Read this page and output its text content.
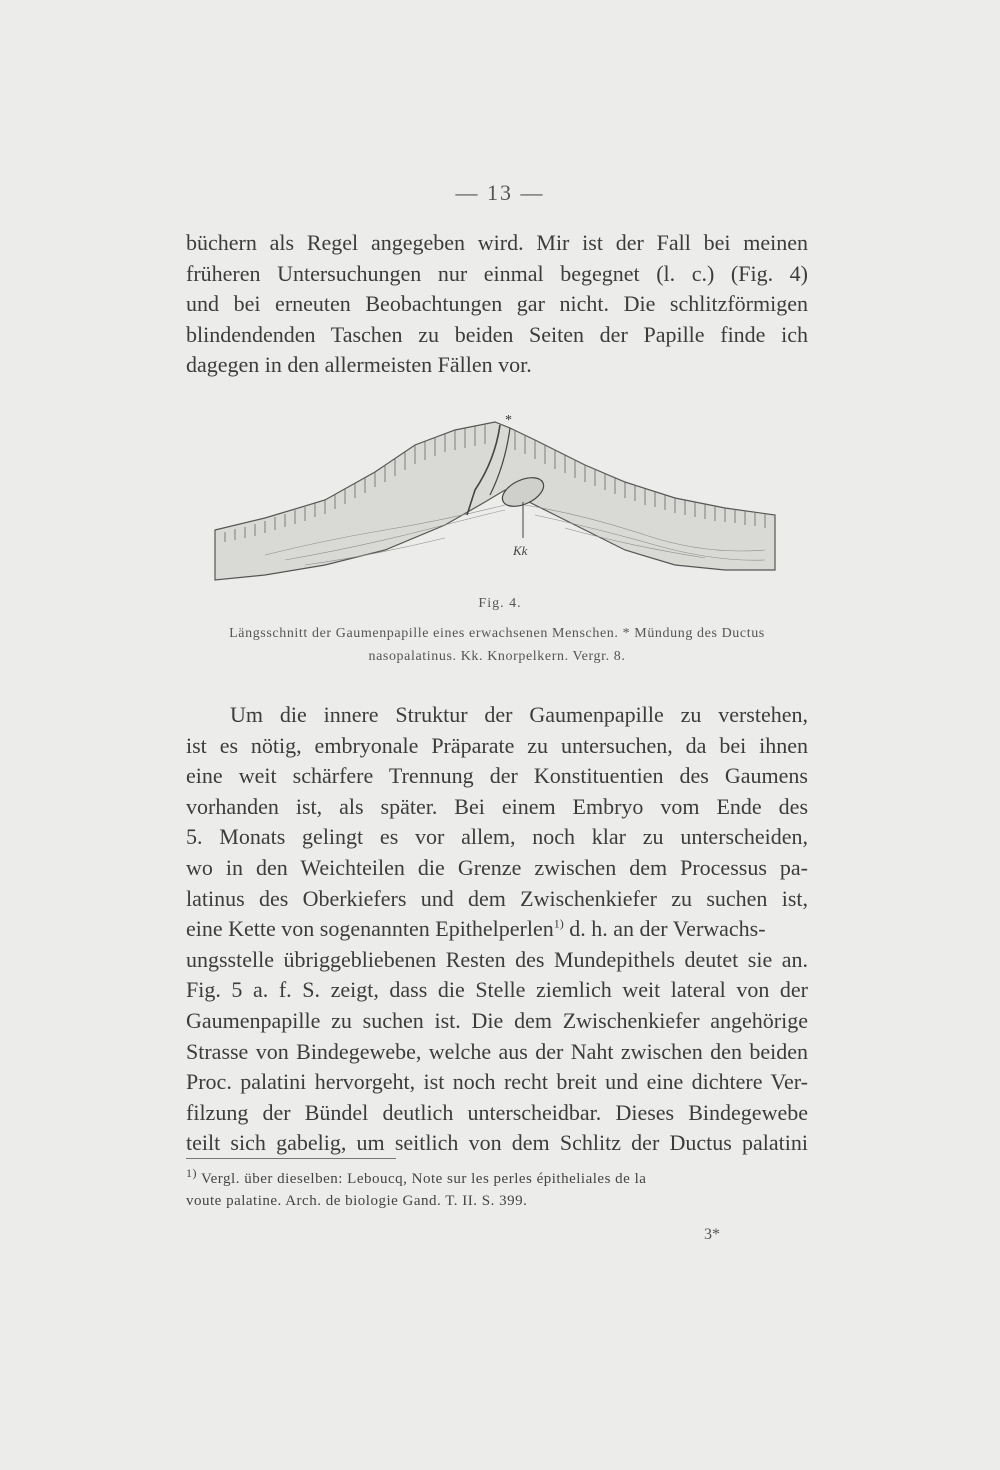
— 13 —
büchern als Regel angegeben wird. Mir ist der Fall bei meinen
früheren Untersuchungen nur einmal begegnet (l. c.) (Fig. 4)
und bei erneuten Beobachtungen gar nicht. Die schlitzförmigen
blindendenden Taschen zu beiden Seiten der Papille finde ich
dagegen in den allermeisten Fällen vor.
*
Kk
Fig. 4.
Längsschnitt der Gaumenpapille eines erwachsenen Menschen. * Mündung des Ductus
nasopalatinus. Kk. Knorpelkern. Vergr. 8.
Um die innere Struktur der Gaumenpapille zu verstehen,
ist es nötig, embryonale Präparate zu untersuchen, da bei ihnen
eine weit schärfere Trennung der Konstituentien des Gaumens
vorhanden ist, als später. Bei einem Embryo vom Ende des
5. Monats gelingt es vor allem, noch klar zu unterscheiden,
wo in den Weichteilen die Grenze zwischen dem Processus pa-
latinus des Oberkiefers und dem Zwischenkiefer zu suchen ist,
eine Kette von sogenannten Epithelperlen$^{1)}$ d. h. an der Verwachs-
ungsstelle übriggebliebenen Resten des Mundepithels deutet sie an.
Fig. 5 a. f. S. zeigt, dass die Stelle ziemlich weit lateral von der
Gaumenpapille zu suchen ist. Die dem Zwischenkiefer angehörige
Strasse von Bindegewebe, welche aus der Naht zwischen den beiden
Proc. palatini hervorgeht, ist noch recht breit und eine dichtere Ver-
filzung der Bündel deutlich unterscheidbar. Dieses Bindegewebe
teilt sich gabelig, um seitlich von dem Schlitz der Ductus palatini
$^{1)}$ Vergl. über dieselben: Leboucq, Note sur les perles épitheliales de la
voute palatine. Arch. de biologie Gand. T. II. S. 399.
3*
